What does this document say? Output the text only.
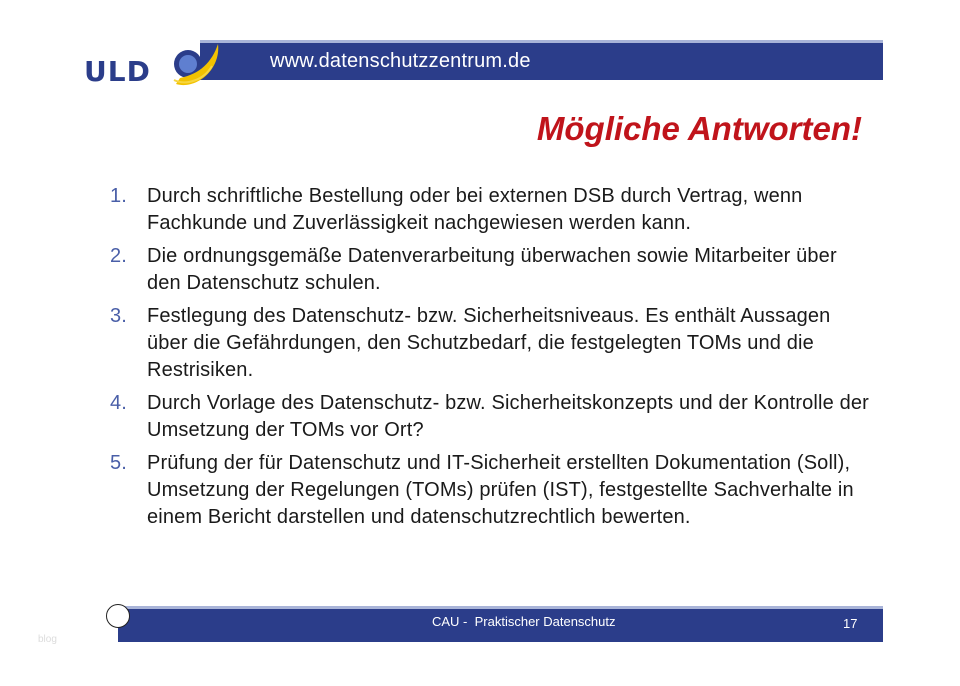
ULD	www.datenschutzzentrum.de
Mögliche Antworten!
1. Durch schriftliche Bestellung oder bei externen DSB durch Vertrag, wenn Fachkunde und Zuverlässigkeit nachgewiesen werden kann.
2. Die ordnungsgemäße Datenverarbeitung überwachen sowie Mitarbeiter über den Datenschutz schulen.
3. Festlegung des Datenschutz- bzw. Sicherheitsniveaus. Es enthält Aussagen über die Gefährdungen, den Schutzbedarf, die festgelegten TOMs und die Restrisiken.
4. Durch Vorlage des Datenschutz- bzw. Sicherheitskonzepts und der Kontrolle der Umsetzung der TOMs vor Ort?
5. Prüfung der für Datenschutz und IT-Sicherheit erstellten Dokumentation (Soll), Umsetzung der Regelungen (TOMs) prüfen (IST), festgestellte Sachverhalte in einem Bericht darstellen und datenschutzrechtlich bewerten.
CAU -  Praktischer Datenschutz	17
blog
